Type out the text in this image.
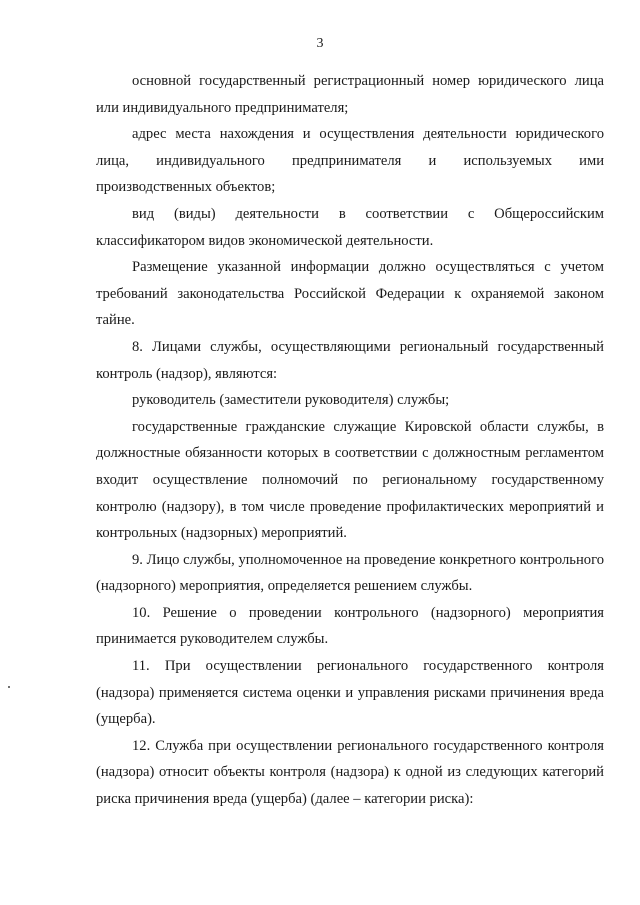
3

основной государственный регистрационный номер юридического лица или индивидуального предпринимателя;

адрес места нахождения и осуществления деятельности юридического лица, индивидуального предпринимателя и используемых ими производственных объектов;

вид (виды) деятельности в соответствии с Общероссийским классификатором видов экономической деятельности.

Размещение указанной информации должно осуществляться с учетом требований законодательства Российской Федерации к охраняемой законом тайне.

8. Лицами службы, осуществляющими региональный государственный контроль (надзор), являются:

руководитель (заместители руководителя) службы;

государственные гражданские служащие Кировской области службы, в должностные обязанности которых в соответствии с должностным регламентом входит осуществление полномочий по региональному государственному контролю (надзору), в том числе проведение профилактических мероприятий и контрольных (надзорных) мероприятий.

9. Лицо службы, уполномоченное на проведение конкретного контрольного (надзорного) мероприятия, определяется решением службы.

10. Решение о проведении контрольного (надзорного) мероприятия принимается руководителем службы.

11. При осуществлении регионального государственного контроля (надзора) применяется система оценки и управления рисками причинения вреда (ущерба).

12. Служба при осуществлении регионального государственного контроля (надзора) относит объекты контроля (надзора) к одной из следующих категорий риска причинения вреда (ущерба) (далее – категории риска):
